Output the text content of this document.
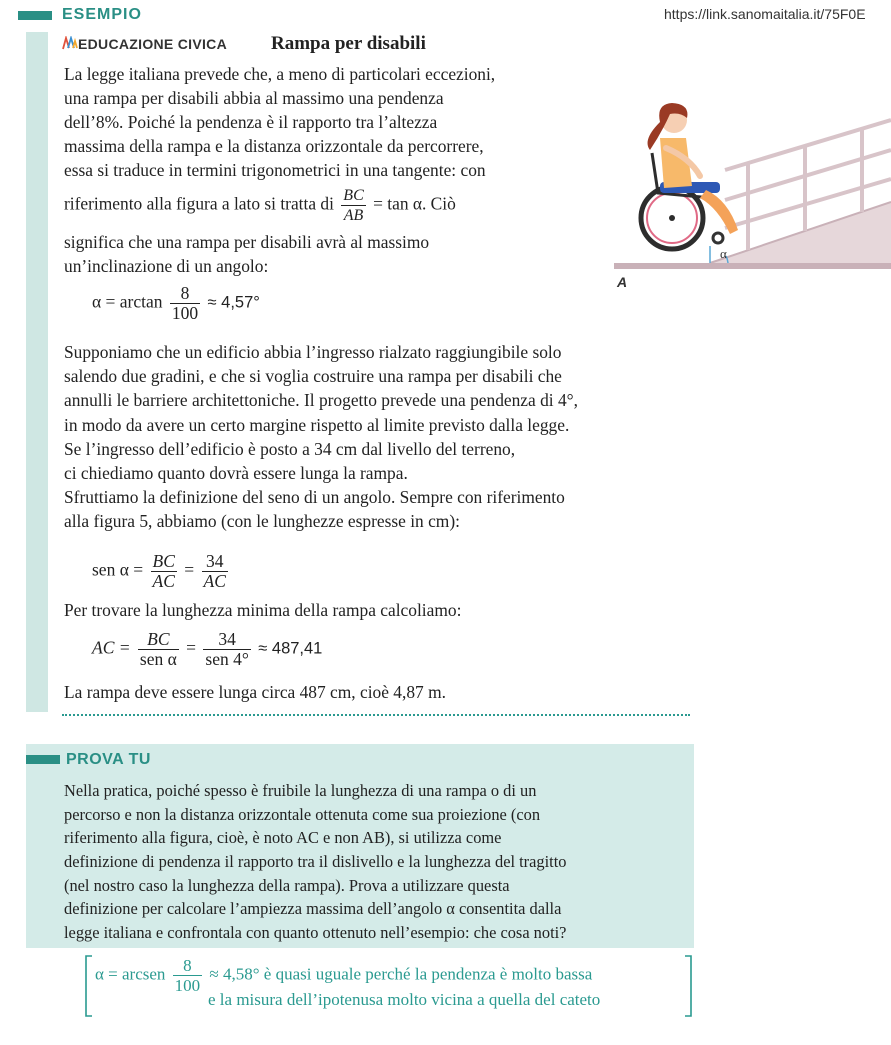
ESEMPIO	https://link.sanomaitalia.it/75F0E
EDUCAZIONE CIVICA Rampa per disabili
La legge italiana prevede che, a meno di particolari eccezioni,
una rampa per disabili abbia al massimo una pendenza
dell’8%. Poiché la pendenza è il rapporto tra l’altezza
massima della rampa e la distanza orizzontale da percorrere,
essa si traduce in termini trigonometrici in una tangente: con
riferimento alla figura a lato si tratta di $\frac{BC}{AB} = \tan \alpha$. Ciò
significa che una rampa per disabili avrà al massimo
un’inclinazione di un angolo:
$\alpha = \arctan \frac{8}{100} \approx 4,57^\circ$
α
A
Supponiamo che un edificio abbia l’ingresso rialzato raggiungibile solo
salendo due gradini, e che si voglia costruire una rampa per disabili che
annulli le barriere architettoniche. Il progetto prevede una pendenza di 4°,
in modo da avere un certo margine rispetto al limite previsto dalla legge.
Se l’ingresso dell’edificio è posto a 34 cm dal livello del terreno,
ci chiediamo quanto dovrà essere lunga la rampa.
Sfruttiamo la definizione del seno di un angolo. Sempre con riferimento
alla figura 5, abbiamo (con le lunghezze espresse in cm):
sen $\alpha = \frac{BC}{AC} = \frac{34}{AC}$
Per trovare la lunghezza minima della rampa calcoliamo:
AC = $\frac{BC}{\text{sen α}} = \frac{34}{\text{sen 4°}} \approx 487,41$
La rampa deve essere lunga circa 487 cm, cioè 4,87 m.
PROVA TU
Nella pratica, poiché spesso è fruibile la lunghezza di una rampa o di un
percorso e non la distanza orizzontale ottenuta come sua proiezione (con
riferimento alla figura, cioè, è noto AC e non AB), si utilizza come
definizione di pendenza il rapporto tra il dislivello e la lunghezza del tragitto
(nel nostro caso la lunghezza della rampa). Prova a utilizzare questa
definizione per calcolare l’ampiezza massima dell’angolo α consentita dalla
legge italiana e confrontala con quanto ottenuto nell’esempio: che cosa noti?
α = arcsen $\frac{8}{100} \approx 4,58^\circ$ è quasi uguale perché la pendenza è molto bassa
e la misura dell’ipotenusa molto vicina a quella del cateto
